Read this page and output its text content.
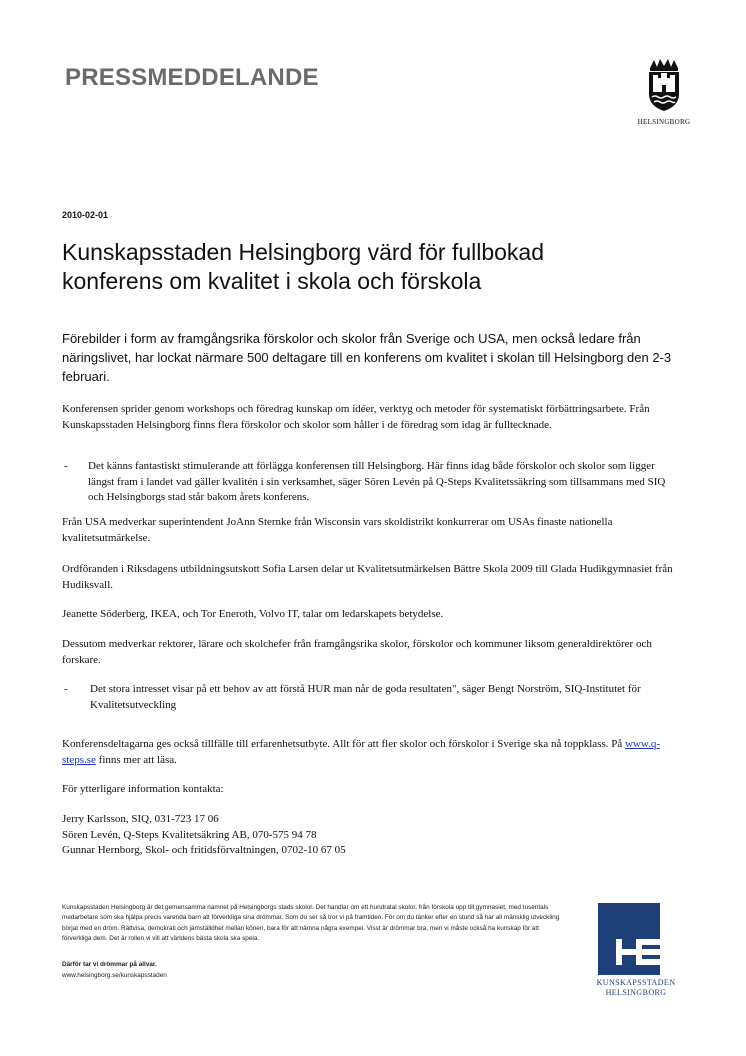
PRESSMEDDELANDE
HELSINGBORG
2010-02-01
Kunskapsstaden Helsingborg värd för fullbokad
konferens om kvalitet i skola och förskola

Förebilder i form av framgångsrika förskolor och skolor från Sverige och USA, men också ledare från näringslivet, har lockat närmare 500 deltagare till en konferens om kvalitet i skolan till Helsingborg den 2-3 februari.

Konferensen sprider genom workshops och föredrag kunskap om idéer, verktyg och metoder för systematiskt förbättringsarbete. Från Kunskapsstaden Helsingborg finns flera förskolor och skolor som håller i de föredrag som idag är fulltecknade.

- Det känns fantastiskt stimulerande att förlägga konferensen till Helsingborg. Här finns idag både förskolor och skolor som ligger längst fram i landet vad gäller kvalitén i sin verksamhet, säger Sören Levén på Q-Steps Kvalitetssäkring som tillsammans med SIQ och Helsingborgs stad står bakom årets konferens.

Från USA medverkar superintendent JoAnn Sternke från Wisconsin vars skoldistrikt konkurrerar om USAs finaste nationella kvalitetsutmärkelse.

Ordföranden i Riksdagens utbildningsutskott Sofia Larsen delar ut Kvalitetsutmärkelsen Bättre Skola 2009 till Glada Hudikgymnasiet från Hudiksvall.

Jeanette Söderberg, IKEA, och Tor Eneroth, Volvo IT, talar om ledarskapets betydelse.

Dessutom medverkar rektorer, lärare och skolchefer från framgångsrika skolor, förskolor och kommuner liksom generaldirektörer och forskare.

- Det stora intresset visar på ett behov av att förstå HUR man når de goda resultaten", säger Bengt Norström, SIQ-Institutet för Kvalitetsutveckling

Konferensdeltagarna ges också tillfälle till erfarenhetsutbyte. Allt för att fler skolor och förskolor i Sverige ska nå toppklass. På www.q-steps.se finns mer att läsa.

För ytterligare information kontakta:

Jerry Karlsson, SIQ, 031-723 17 06
Sören Levén, Q-Steps Kvalitetsäkring AB, 070-575 94 78
Gunnar Hernborg, Skol- och fritidsförvaltningen, 0702-10 67 05

Kunskapsstaden Helsingborg är det gemensamma namnet på Helsingborgs stads skolor. Det handlar om ett hundratal skolor, från förskola upp till gymnasiet, med tusentals medarbetare som ska hjälpa precis varenda barn att förverkliga sina drömmar. Som du ser så tror vi på framtiden. För om du tänker efter en stund så har all mänsklig utveckling börjat med en dröm. Rättvisa, demokrati och jämställdhet mellan könen, bara för att nämna några exempel. Visst är drömmar bra, men vi måste också ha kunskap för att förverkliga dem. Det är rollen vi vill att världens bästa skola ska spela.

Därför tar vi drömmar på allvar.
www.helsingborg.se/kunskapsstaden
KUNSKAPSSTADEN
HELSINGBORG
